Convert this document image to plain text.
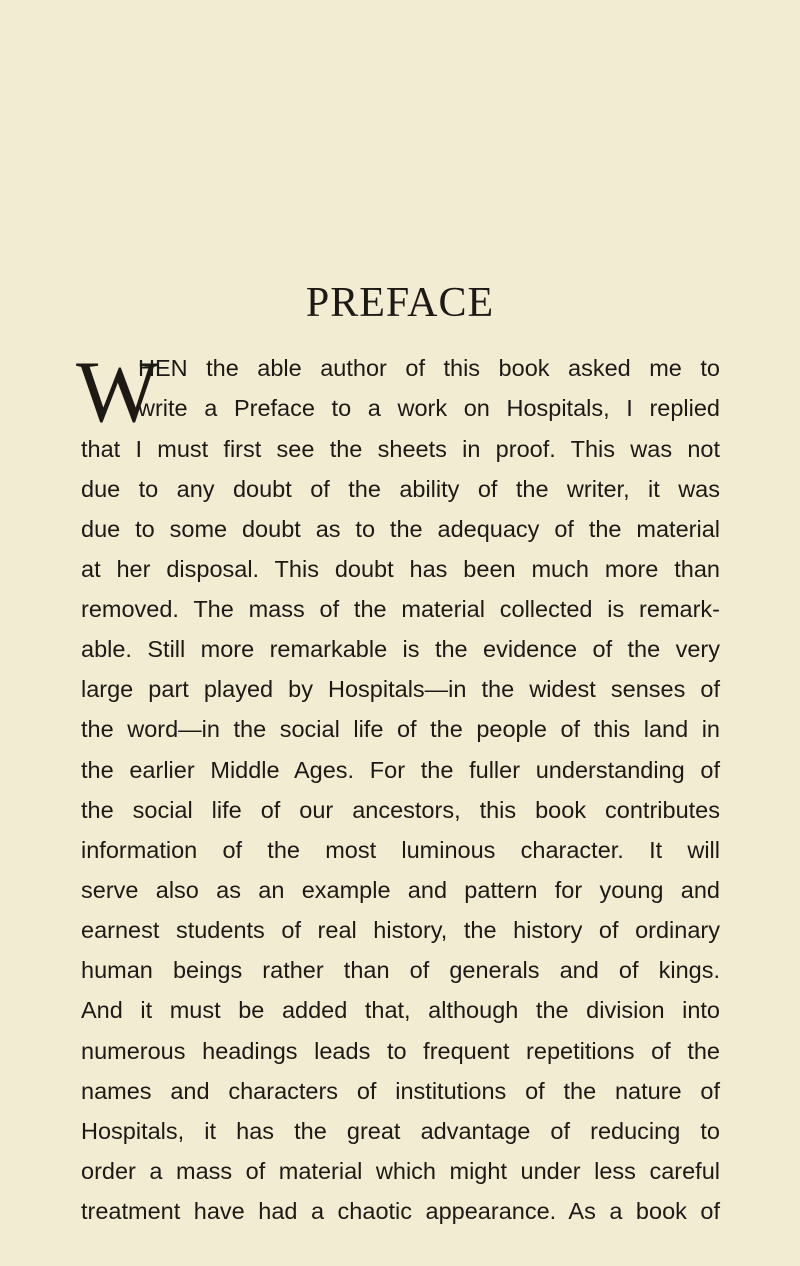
PREFACE
W
HEN the able author of this book asked me to
write a Preface to a work on Hospitals, I replied
that I must first see the sheets in proof. This was not
due to any doubt of the ability of the writer, it was
due to some doubt as to the adequacy of the material
at her disposal. This doubt has been much more than
removed. The mass of the material collected is remark-
able. Still more remarkable is the evidence of the very
large part played by Hospitals—in the widest senses of
the word—in the social life of the people of this land in
the earlier Middle Ages. For the fuller understanding of
the social life of our ancestors, this book contributes
information of the most luminous character. It will
serve also as an example and pattern for young and
earnest students of real history, the history of ordinary
human beings rather than of generals and of kings.
And it must be added that, although the division into
numerous headings leads to frequent repetitions of the
names and characters of institutions of the nature of
Hospitals, it has the great advantage of reducing to
order a mass of material which might under less careful
treatment have had a chaotic appearance. As a book of
